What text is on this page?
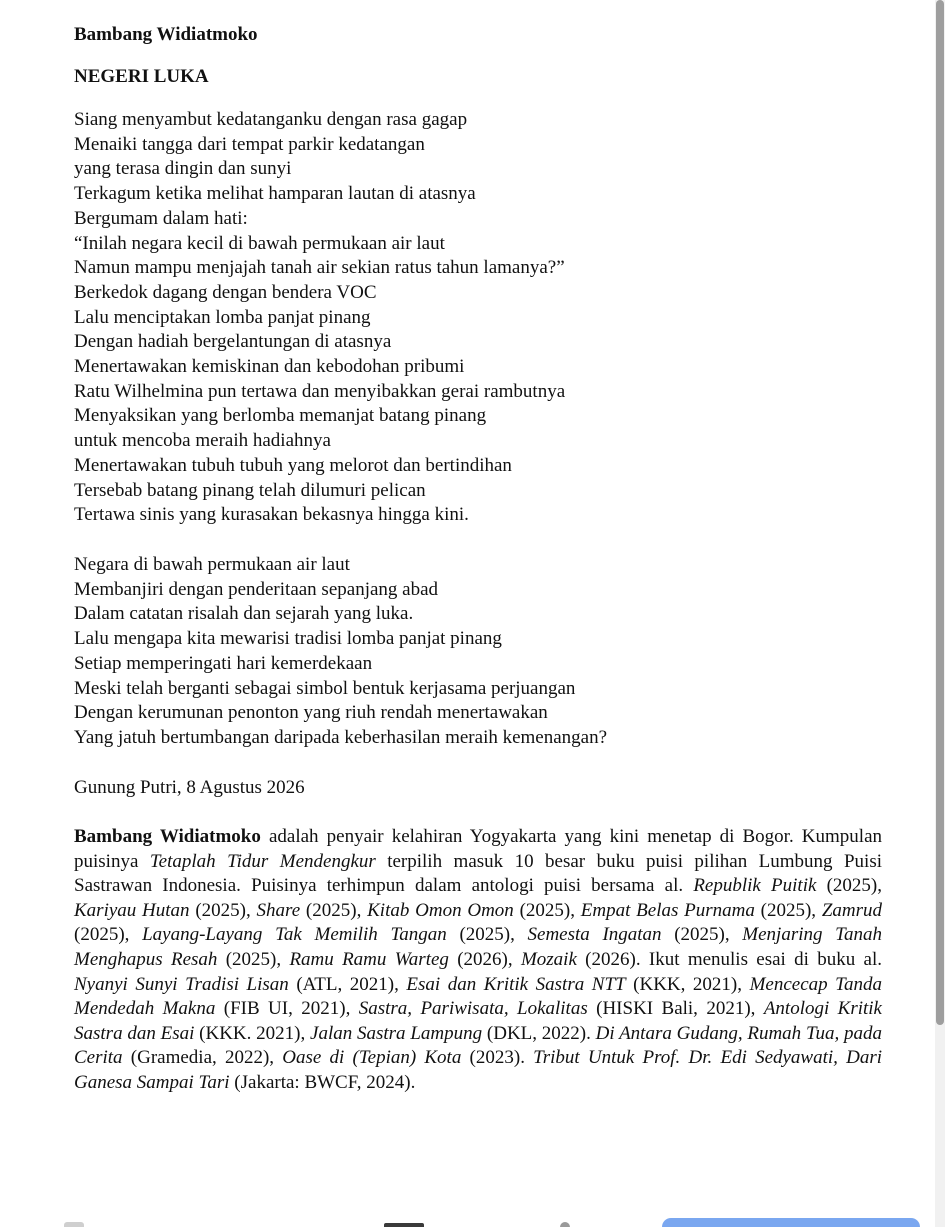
Bambang Widiatmoko
NEGERI LUKA
Siang menyambut kedatanganku dengan rasa gagap
Menaiki tangga dari tempat parkir kedatangan
yang terasa dingin dan sunyi
Terkagum ketika melihat hamparan lautan di atasnya
Bergumam dalam hati:
“Inilah negara kecil di bawah permukaan air laut
Namun mampu menjajah tanah air sekian ratus tahun lamanya?”
Berkedok dagang dengan bendera VOC
Lalu menciptakan lomba panjat pinang
Dengan hadiah bergelantungan di atasnya
Menertawakan kemiskinan dan kebodohan pribumi
Ratu Wilhelmina pun tertawa dan menyibakkan gerai rambutnya
Menyaksikan yang berlomba memanjat batang pinang
untuk mencoba meraih hadiahnya
Menertawakan tubuh tubuh yang melorot dan bertindihan
Tersebab batang pinang telah dilumuri pelican
Tertawa sinis yang kurasakan bekasnya hingga kini.
Negara di bawah permukaan air laut
Membanjiri dengan penderitaan sepanjang abad
Dalam catatan risalah dan sejarah yang luka.
Lalu mengapa kita mewarisi tradisi lomba panjat pinang
Setiap memperingati hari kemerdekaan
Meski telah berganti sebagai simbol bentuk kerjasama perjuangan
Dengan kerumunan penonton yang riuh rendah menertawakan
Yang jatuh bertumbangan daripada keberhasilan meraih kemenangan?

Gunung Putri, 8 Agustus 2026

Bambang Widiatmoko adalah penyair kelahiran Yogyakarta yang kini menetap di Bogor. Kumpulan puisinya Tetaplah Tidur Mendengkur terpilih masuk 10 besar buku puisi pilihan Lumbung Puisi Sastrawan Indonesia. Puisinya terhimpun dalam antologi puisi bersama al. Republik Puitik (2025), Kariyau Hutan (2025), Share (2025), Kitab Omon Omon (2025), Empat Belas Purnama (2025), Zamrud (2025), Layang-Layang Tak Memilih Tangan (2025), Semesta Ingatan (2025), Menjaring Tanah Menghapus Resah (2025), Ramu Ramu Warteg (2026), Mozaik (2026). Ikut menulis esai di buku al. Nyanyi Sunyi Tradisi Lisan (ATL, 2021), Esai dan Kritik Sastra NTT (KKK, 2021), Mencecap Tanda Mendedah Makna (FIB UI, 2021), Sastra, Pariwisata, Lokalitas (HISKI Bali, 2021), Antologi Kritik Sastra dan Esai (KKK. 2021), Jalan Sastra Lampung (DKL, 2022). Di Antara Gudang, Rumah Tua, pada Cerita (Gramedia, 2022), Oase di (Tepian) Kota (2023). Tribut Untuk Prof. Dr. Edi Sedyawati, Dari Ganesa Sampai Tari (Jakarta: BWCF, 2024).
